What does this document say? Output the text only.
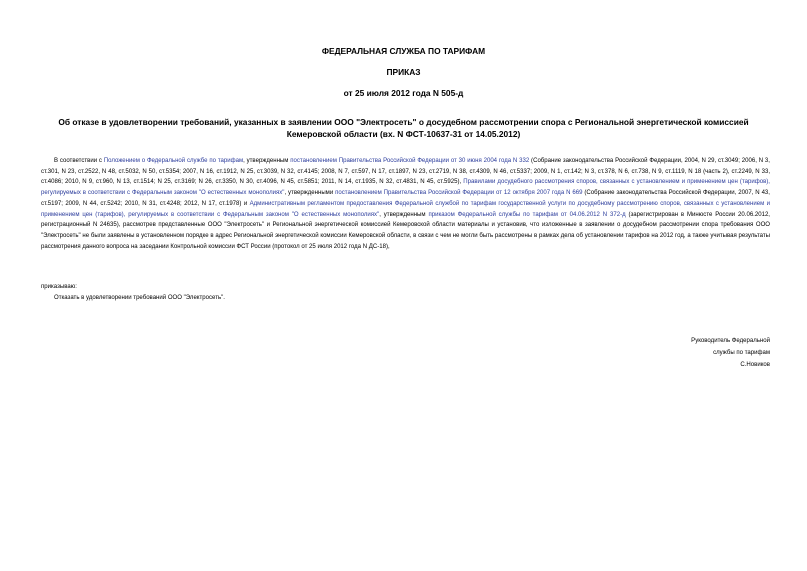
ФЕДЕРАЛЬНАЯ СЛУЖБА ПО ТАРИФАМ
ПРИКАЗ
от 25 июля 2012 года N 505-д
Об отказе в удовлетворении требований, указанных в заявлении ООО "Электросеть" о досудебном рассмотрении спора с Региональной энергетической комиссией Кемеровской области (вх. N ФСТ-10637-31 от 14.05.2012)
В соответствии с Положением о Федеральной службе по тарифам, утвержденным постановлением Правительства Российской Федерации от 30 июня 2004 года N 332 (Собрание законодательства Российской Федерации, 2004, N 29, ст.3049; 2006, N 3, ст.301, N 23, ст.2522, N 48, ст.5032, N 50, ст.5354; 2007, N 16, ст.1912, N 25, ст.3039, N 32, ст.4145; 2008, N 7, ст.597, N 17, ст.1897, N 23, ст.2719, N 38, ст.4309, N 46, ст.5337; 2009, N 1, ст.142; N 3, ст.378, N 6, ст.738, N 9, ст.1119, N 18 (часть 2), ст.2249, N 33, ст.4086; 2010, N 9, ст.960, N 13, ст.1514; N 25, ст.3169; N 26, ст.3350, N 30, ст.4096, N 45, ст.5851; 2011, N 14, ст.1935, N 32, ст.4831, N 45, ст.5925), Правилами досудебного рассмотрения споров, связанных с установлением и применением цен (тарифов), регулируемых в соответствии с Федеральным законом "О естественных монополиях", утвержденными постановлением Правительства Российской Федерации от 12 октября 2007 года N 669 (Собрание законодательства Российской Федерации, 2007, N 43, ст.5197; 2009, N 44, ст.5242; 2010, N 31, ст.4248; 2012, N 17, ст.1978) и Административным регламентом предоставления Федеральной службой по тарифам государственной услуги по досудебному рассмотрению споров, связанных с установлением и применением цен (тарифов), регулируемых в соответствии с Федеральным законом "О естественных монополиях", утвержденным приказом Федеральной службы по тарифам от 04.06.2012 N 372-д (зарегистрирован в Минюсте России 20.06.2012, регистрационный N 24635), рассмотрев представленные ООО "Электросеть" и Региональной энергетической комиссией Кемеровской области материалы и установив, что изложенные в заявлении о досудебном рассмотрении спора требования ООО "Электросеть" не были заявлены в установленном порядке в адрес Региональной энергетической комиссии Кемеровской области, в связи с чем не могли быть рассмотрены в рамках дела об установлении тарифов на 2012 год, а также учитывая результаты рассмотрения данного вопроса на заседании Контрольной комиссии ФСТ России (протокол от 25 июля 2012 года N ДС-18),
приказываю:
Отказать в удовлетворении требований ООО "Электросеть".
Руководитель Федеральной
службы по тарифам
С.Новиков
